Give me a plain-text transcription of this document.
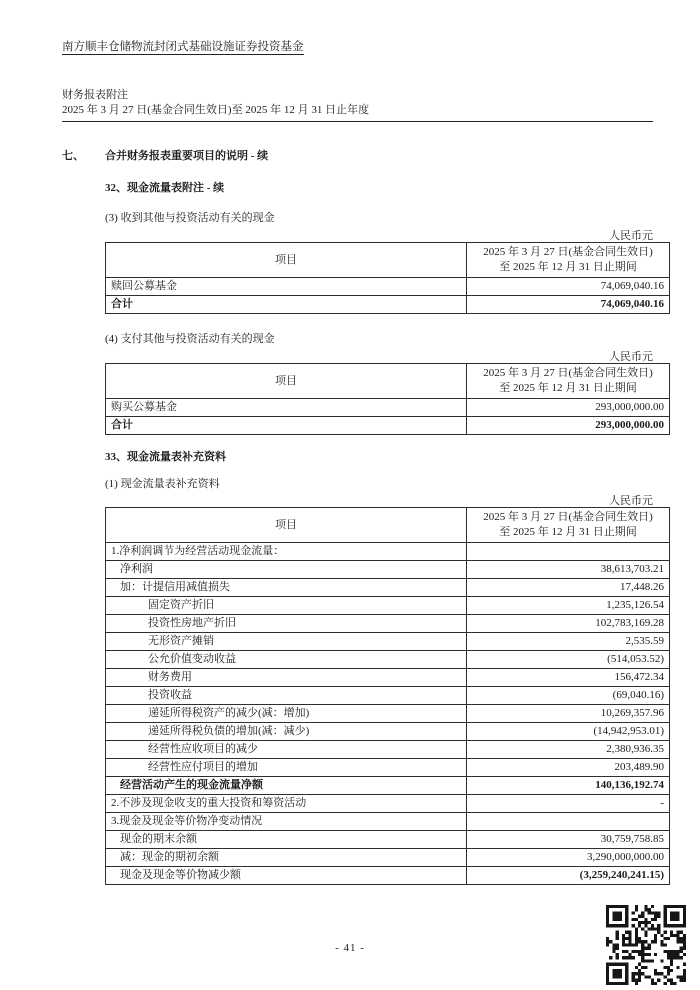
南方顺丰仓储物流封闭式基础设施证券投资基金
财务报表附注
2025 年 3 月 27 日(基金合同生效日)至 2025 年 12 月 31 日止年度
七、	合并财务报表重要项目的说明 - 续
32、现金流量表附注 - 续
(3) 收到其他与投资活动有关的现金
人民币元
项目	2025 年 3 月 27 日(基金合同生效日)
至 2025 年 12 月 31 日止期间

赎回公募基金	74,069,040.16
合计	74,069,040.16
(4) 支付其他与投资活动有关的现金
人民币元
项目	2025 年 3 月 27 日(基金合同生效日)
至 2025 年 12 月 31 日止期间

购买公募基金	293,000,000.00
合计	293,000,000.00
33、现金流量表补充资料
(1) 现金流量表补充资料
人民币元
项目	2025 年 3 月 27 日(基金合同生效日)
至 2025 年 12 月 31 日止期间

1.净利润调节为经营活动现金流量：	
净利润	38,613,703.21
加：计提信用减值损失	17,448.26
固定资产折旧	1,235,126.54
投资性房地产折旧	102,783,169.28
无形资产摊销	2,535.59
公允价值变动收益	(514,053.52)
财务费用	156,472.34
投资收益	(69,040.16)
递延所得税资产的减少(减：增加)	10,269,357.96
递延所得税负债的增加(减：减少)	(14,942,953.01)
经营性应收项目的减少	2,380,936.35
经营性应付项目的增加	203,489.90
经营活动产生的现金流量净额	140,136,192.74
2.不涉及现金收支的重大投资和筹资活动	-
3.现金及现金等价物净变动情况	
现金的期末余额	30,759,758.85
减：现金的期初余额	3,290,000,000.00
现金及现金等价物减少额	(3,259,240,241.15)
- 41 -
